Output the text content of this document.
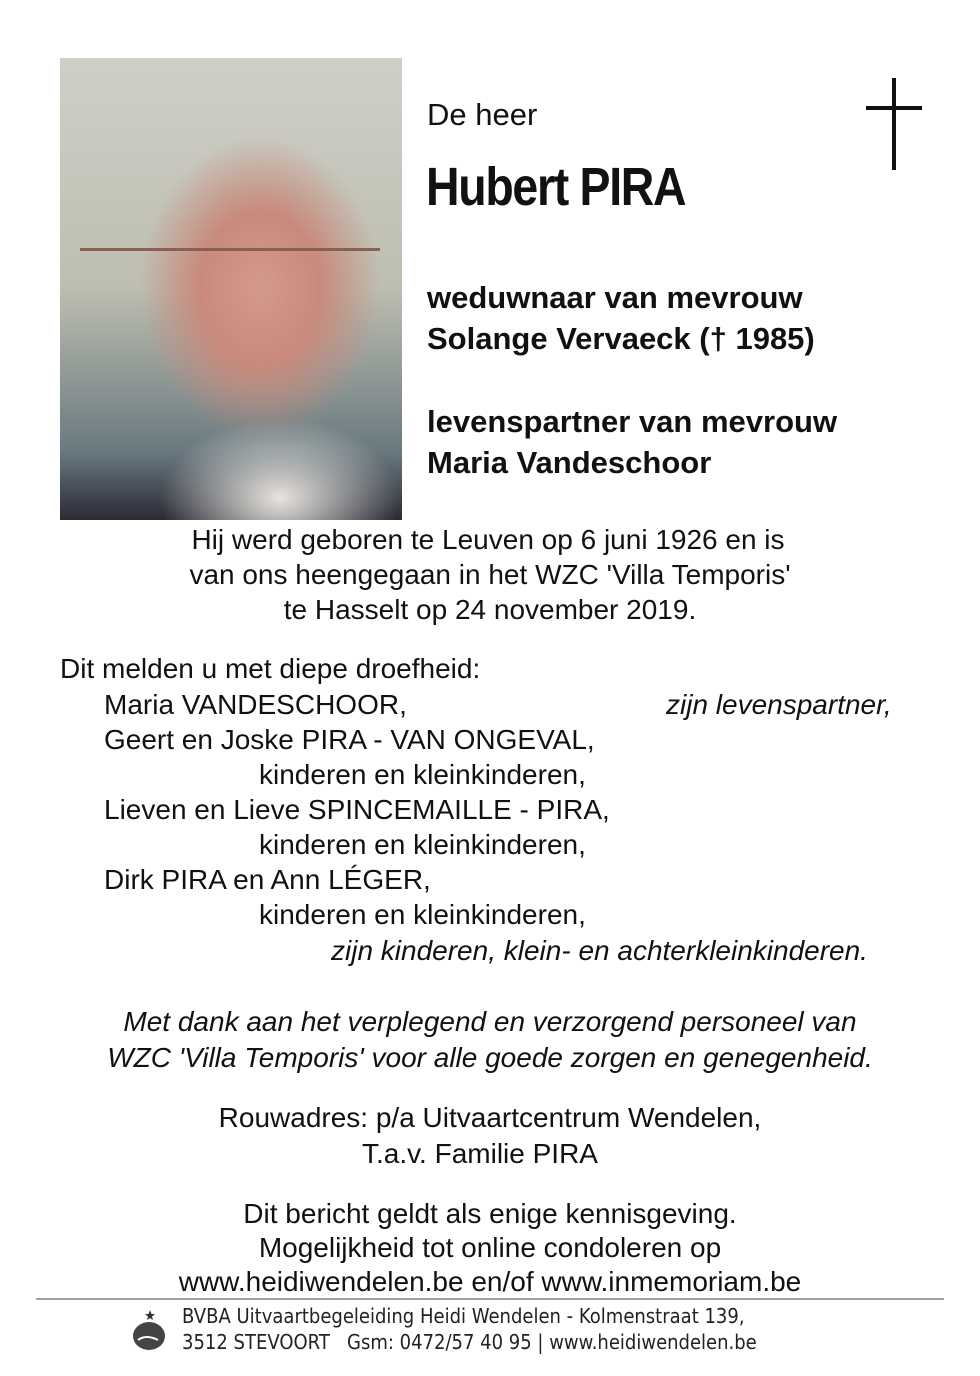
De heer
Hubert PIRA
weduwnaar van mevrouw
Solange Vervaeck († 1985)
levenspartner van mevrouw
Maria Vandeschoor
Hij werd geboren te Leuven op 6 juni 1926 en is
van ons heengegaan in het WZC 'Villa Temporis'
te Hasselt op 24 november 2019.
Dit melden u met diepe droefheid:
Maria VANDESCHOOR,	zijn levenspartner,
Geert en Joske PIRA - VAN ONGEVAL,
kinderen en kleinkinderen,
Lieven en Lieve SPINCEMAILLE - PIRA,
kinderen en kleinkinderen,
Dirk PIRA en Ann LÉGER,
kinderen en kleinkinderen,
zijn kinderen, klein- en achterkleinkinderen.
Met dank aan het verplegend en verzorgend personeel van
WZC 'Villa Temporis' voor alle goede zorgen en genegenheid.
Rouwadres: p/a Uitvaartcentrum Wendelen,
T.a.v. Familie PIRA
Dit bericht geldt als enige kennisgeving.
Mogelijkheid tot online condoleren op
www.heidiwendelen.be en/of www.inmemoriam.be
BVBA Uitvaartbegeleiding Heidi Wendelen - Kolmenstraat 139,
3512 STEVOORT   Gsm: 0472/57 40 95 | www.heidiwendelen.be
